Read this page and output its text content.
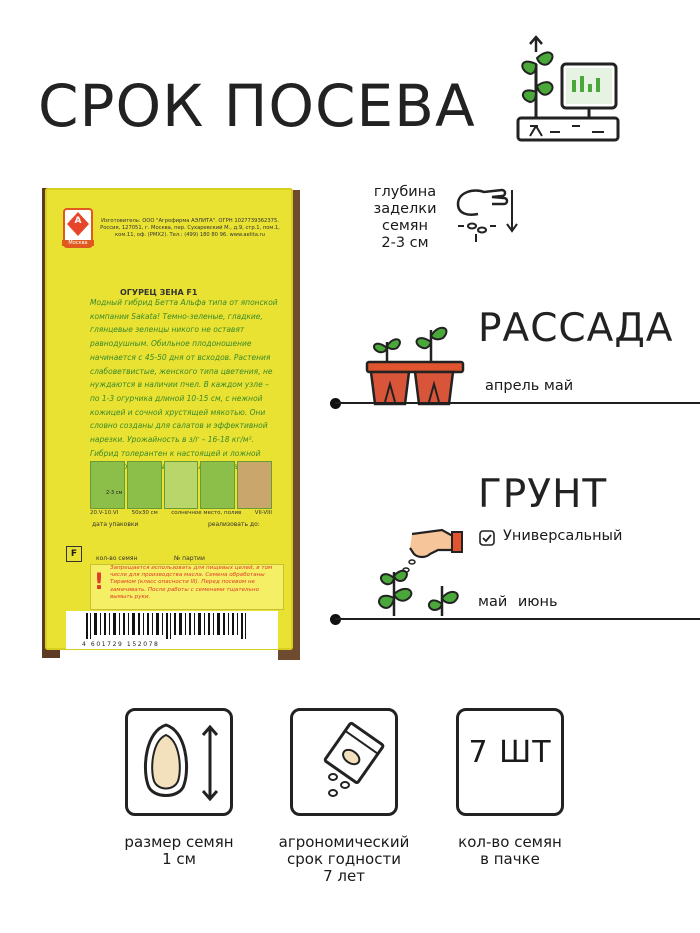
СРОК ПОСЕВА
А
Москва
Изготовитель: ООО "Агрофирма АЭЛИТА". ОГРН 1027739362375. Россия, 127051, г. Москва, пер. Сухаревский М., д.9, стр.1, пом.1, ком.11, оф. (РМХ2). Тел.: (499) 180 80 96. www.aelita.ru
ОГУРЕЦ ЗЕНА F1
Модный гибрид Бетта Альфа типа от японской компании Sakata! Темно-зеленые, гладкие, глянцевые зеленцы никого не оставят равнодушным. Обильное плодоношение начинается с 45-50 дня от всходов. Растения слабоветвистые, женского типа цветения, не нуждаются в наличии пчел. В каждом узле – по 1-3 огурчика длиной 10-15 см, с нежной кожицей и сочной хрустящей мякотью. Они словно созданы для салатов и эффективной нарезки. Урожайность в з/г – 16-18 кг/м². Гибрид толерантен к настоящей и ложной мозаики
2-3 см
20.V-10.VI 50х30 см солнечное место, полив VII-VIII
дата упаковки	реализовать до:
кол-во семян	№ партии
F
!
Запрещается использовать для пищевых целей, в том числе для производства масла. Семена обработаны Тирамом (класс опасности III). Перед посевом не замачивать. После работы с семенами тщательно вымыть руки.
4 601729 152078
глубина
заделки
семян
2-3 см
РАССАДА
апрель май
ГРУНТ
Универсальный
май июнь
размер семян
1 см
агрономический
срок годности
7 лет
7 ШТ
кол-во семян
в пачке
